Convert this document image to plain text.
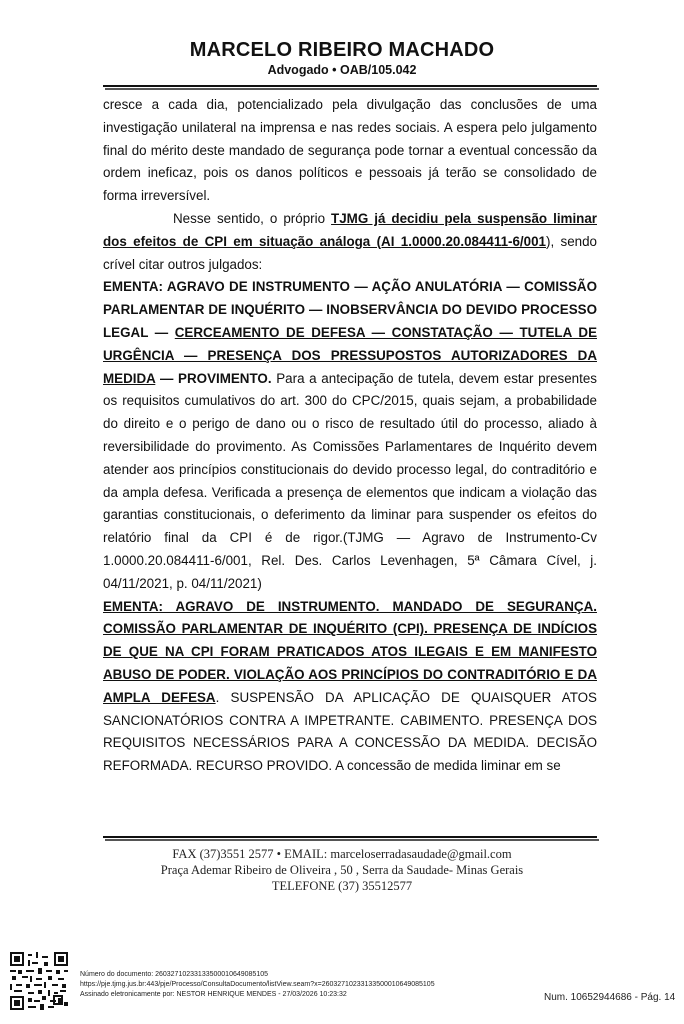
MARCELO RIBEIRO MACHADO
Advogado • OAB/105.042

cresce a cada dia, potencializado pela divulgação das conclusões de uma investigação unilateral na imprensa e nas redes sociais. A espera pelo julgamento final do mérito deste mandado de segurança pode tornar a eventual concessão da ordem ineficaz, pois os danos políticos e pessoais já terão se consolidado de forma irreversível.

Nesse sentido, o próprio TJMG já decidiu pela suspensão liminar dos efeitos de CPI em situação análoga (AI 1.0000.20.084411-6/001), sendo crível citar outros julgados:

EMENTA: AGRAVO DE INSTRUMENTO — AÇÃO ANULATÓRIA — COMISSÃO PARLAMENTAR DE INQUÉRITO — INOBSERVÂNCIA DO DEVIDO PROCESSO LEGAL — CERCEAMENTO DE DEFESA — CONSTATAÇÃO — TUTELA DE URGÊNCIA — PRESENÇA DOS PRESSUPOSTOS AUTORIZADORES DA MEDIDA — PROVIMENTO. Para a antecipação de tutela, devem estar presentes os requisitos cumulativos do art. 300 do CPC/2015, quais sejam, a probabilidade do direito e o perigo de dano ou o risco de resultado útil do processo, aliado à reversibilidade do provimento. As Comissões Parlamentares de Inquérito devem atender aos princípios constitucionais do devido processo legal, do contraditório e da ampla defesa. Verificada a presença de elementos que indicam a violação das garantias constitucionais, o deferimento da liminar para suspender os efeitos do relatório final da CPI é de rigor.(TJMG — Agravo de Instrumento-Cv 1.0000.20.084411-6/001, Rel. Des. Carlos Levenhagen, 5ª Câmara Cível, j. 04/11/2021, p. 04/11/2021)

EMENTA: AGRAVO DE INSTRUMENTO. MANDADO DE SEGURANÇA. COMISSÃO PARLAMENTAR DE INQUÉRITO (CPI). PRESENÇA DE INDÍCIOS DE QUE NA CPI FORAM PRATICADOS ATOS ILEGAIS E EM MANIFESTO ABUSO DE PODER. VIOLAÇÃO AOS PRINCÍPIOS DO CONTRADITÓRIO E DA AMPLA DEFESA. SUSPENSÃO DA APLICAÇÃO DE QUAISQUER ATOS SANCIONATÓRIOS CONTRA A IMPETRANTE. CABIMENTO. PRESENÇA DOS REQUISITOS NECESSÁRIOS PARA A CONCESSÃO DA MEDIDA. DECISÃO REFORMADA. RECURSO PROVIDO. A concessão de medida liminar em se

FAX (37)3551 2577 • EMAIL: marceloserradasaudade@gmail.com
Praça Ademar Ribeiro de Oliveira , 50 , Serra da Saudade- Minas Gerais
TELEFONE (37) 35512577
Número do documento: 26032710233133500010649085105
https://pje.tjmg.jus.br:443/pje/Processo/ConsultaDocumento/listView.seam?x=26032710233133500010649085105
Assinado eletronicamente por: NESTOR HENRIQUE MENDES - 27/03/2026 10:23:32	Num. 10652944686 - Pág. 14
